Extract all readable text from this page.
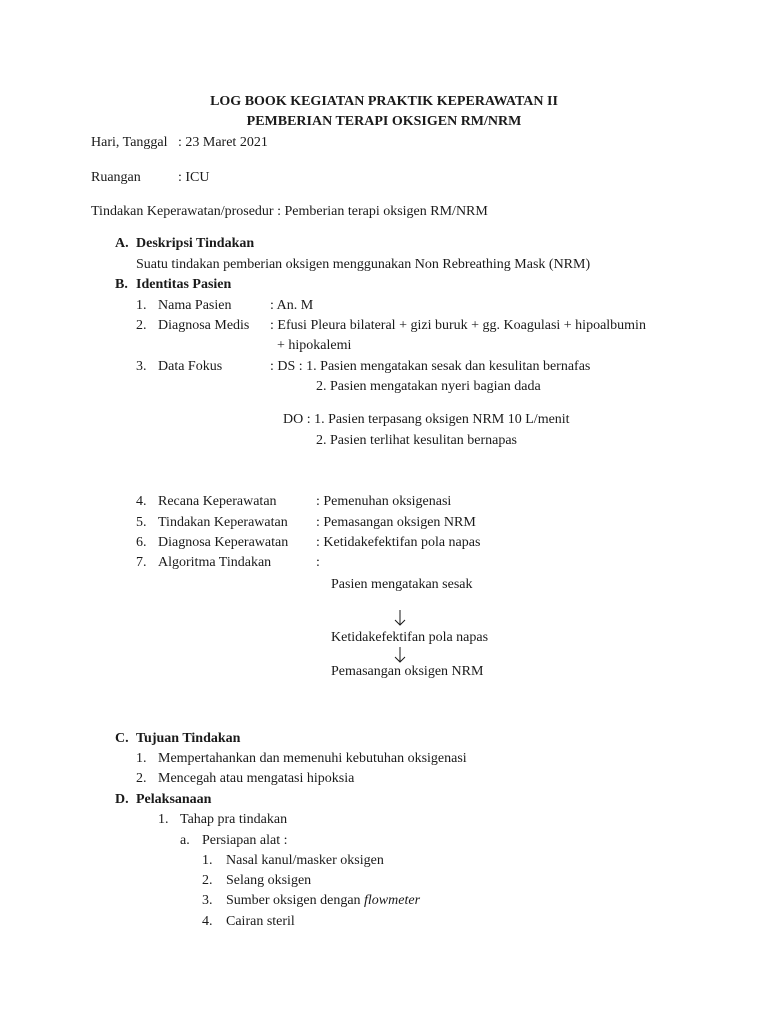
LOG BOOK KEGIATAN PRAKTIK KEPERAWATAN II
PEMBERIAN TERAPI OKSIGEN RM/NRM
Hari, Tanggal : 23 Maret 2021
Ruangan	: ICU
Tindakan Keperawatan/prosedur : Pemberian terapi oksigen RM/NRM
A. Deskripsi Tindakan
Suatu tindakan pemberian oksigen menggunakan Non Rebreathing Mask (NRM)
B. Identitas Pasien
1. Nama Pasien	: An. M
2. Diagnosa Medis : Efusi Pleura bilateral + gizi buruk + gg. Koagulasi + hipoalbumin
+ hipokalemi
3. Data Fokus	: DS : 1. Pasien mengatakan sesak dan kesulitan bernafas
2. Pasien mengatakan nyeri bagian dada
DO : 1. Pasien terpasang oksigen NRM 10 L/menit
2. Pasien terlihat kesulitan bernapas
4. Recana Keperawatan	: Pemenuhan oksigenasi
5. Tindakan Keperawatan : Pemasangan oksigen NRM
6. Diagnosa Keperawatan : Ketidakefektifan pola napas
7. Algoritma Tindakan	:
Pasien mengatakan sesak
Ketidakefektifan pola napas
Pemasangan oksigen NRM
C. Tujuan Tindakan
1. Mempertahankan dan memenuhi kebutuhan oksigenasi
2. Mencegah atau mengatasi hipoksia
D. Pelaksanaan
1. Tahap pra tindakan
a. Persiapan alat :
1. Nasal kanul/masker oksigen
2. Selang oksigen
3. Sumber oksigen dengan flowmeter
4. Cairan steril
